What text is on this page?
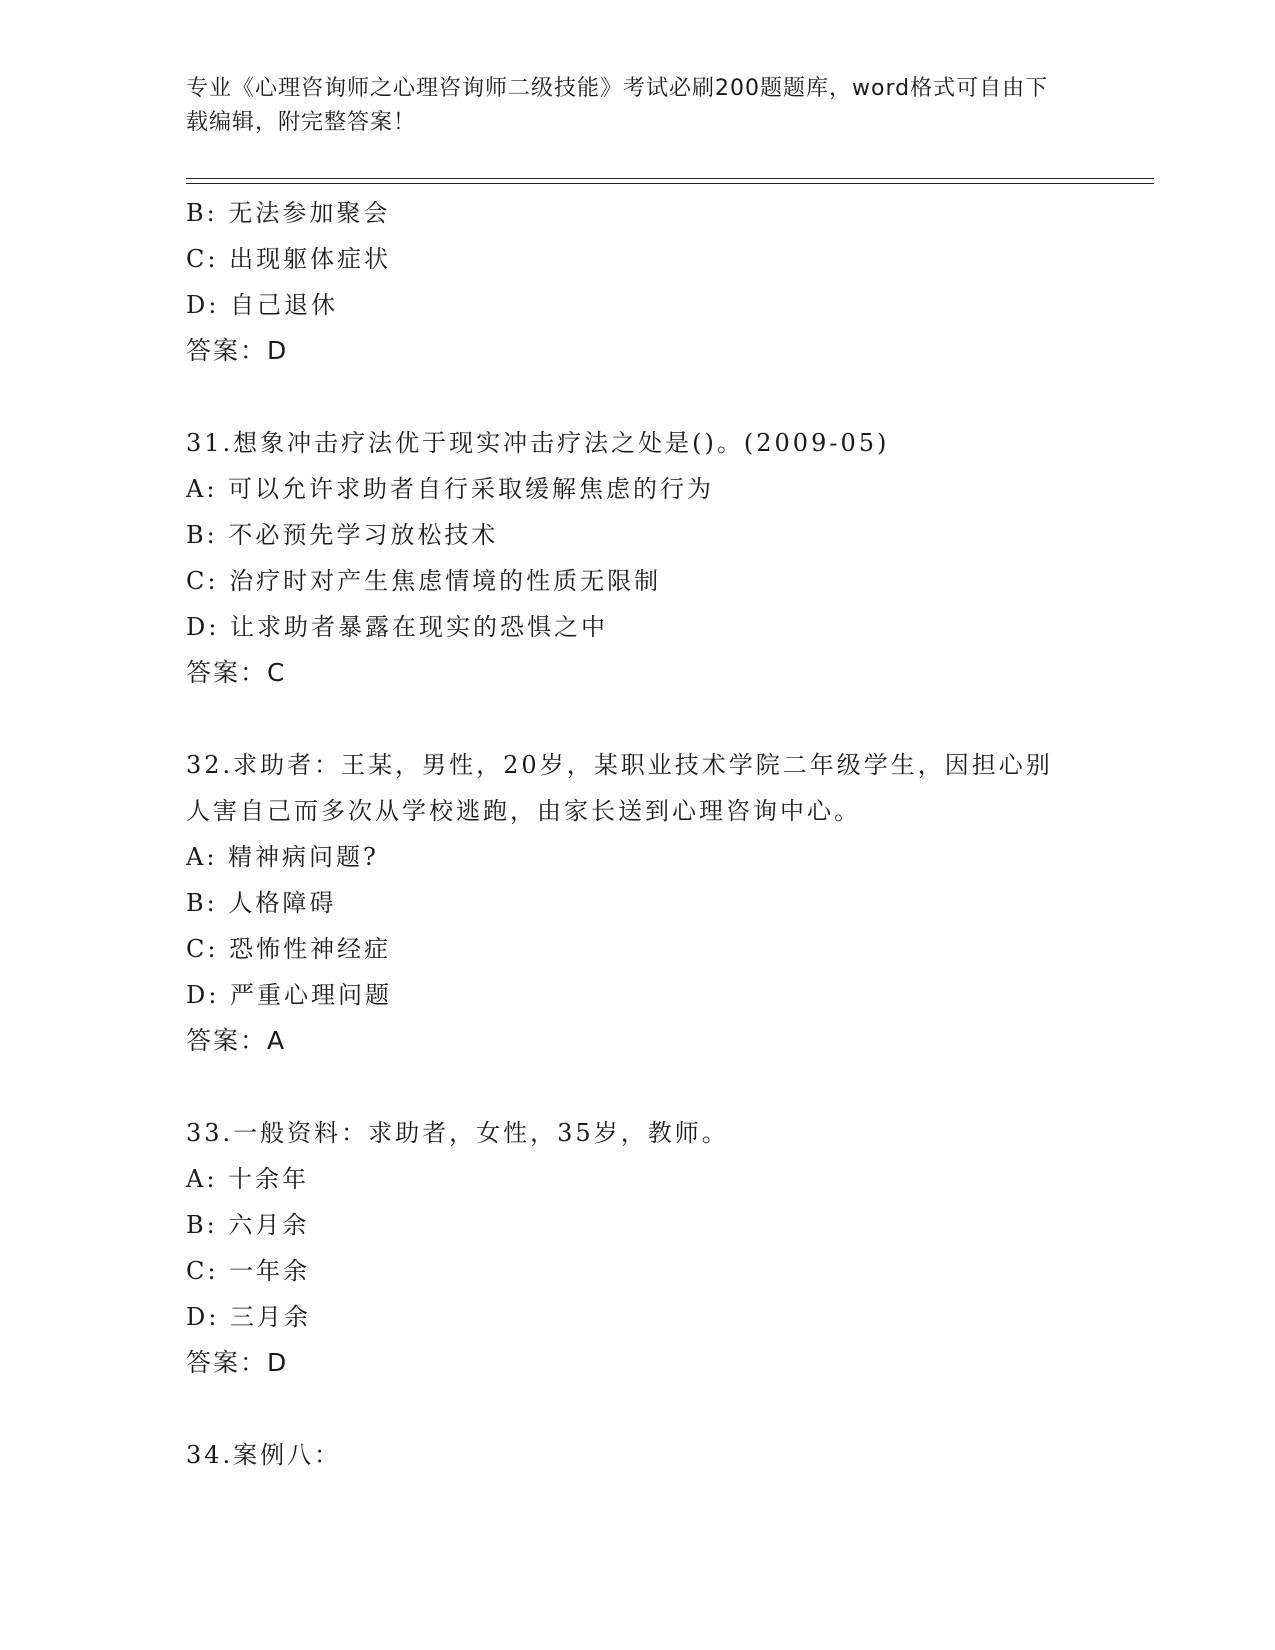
专业《心理咨询师之心理咨询师二级技能》考试必刷200题题库，word格式可自由下载编辑，附完整答案！
B: 无法参加聚会
C: 出现躯体症状
D: 自己退休
答案：D
31.想象冲击疗法优于现实冲击疗法之处是()。(2009-05)
A: 可以允许求助者自行采取缓解焦虑的行为
B: 不必预先学习放松技术
C: 治疗时对产生焦虑情境的性质无限制
D: 让求助者暴露在现实的恐惧之中
答案：C
32.求助者：王某，男性，20岁，某职业技术学院二年级学生，因担心别人害自己而多次从学校逃跑，由家长送到心理咨询中心。
A: 精神病问题?
B: 人格障碍
C: 恐怖性神经症
D: 严重心理问题
答案：A
33.一般资料：求助者，女性，35岁，教师。
A: 十余年
B: 六月余
C: 一年余
D: 三月余
答案：D
34.案例八：
